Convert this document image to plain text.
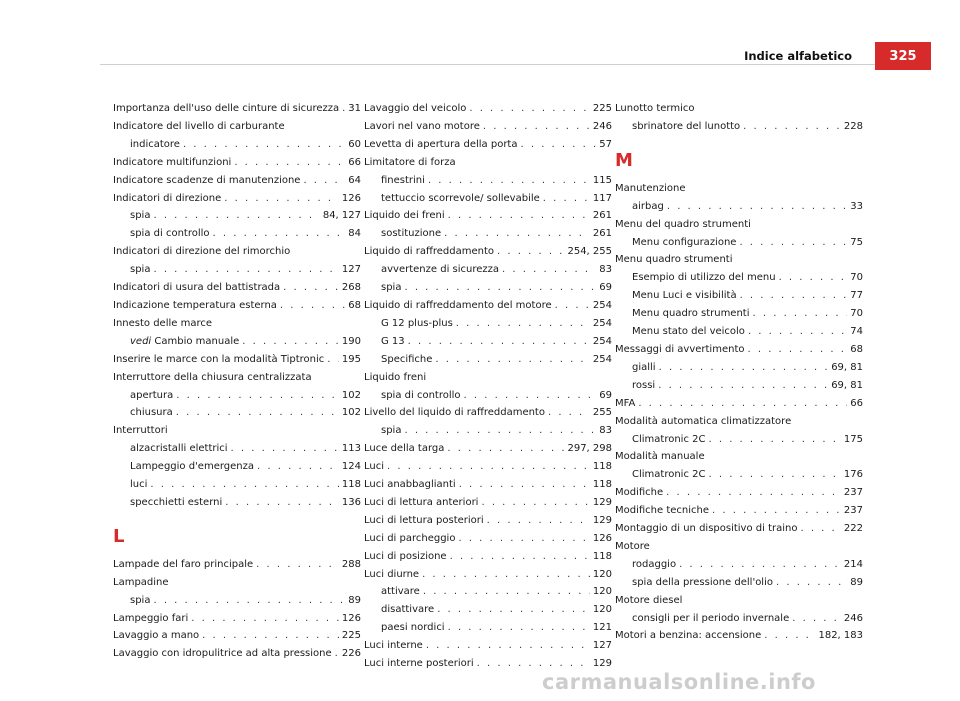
Indice alfabetico	325
Importanza dell'uso delle cinture di sicurezza . . . 31
Indicatore del livello di carburante
indicatore . . .	60
Indicatore multifunzioni . . .	66
Indicatore scadenze di manutenzione . . .	64
Indicatori di direzione . . .	126
spia . . .	84, 127
spia di controllo . . .	84
Indicatori di direzione del rimorchio
spia . . .	127
Indicatori di usura del battistrada . . .	268
Indicazione temperatura esterna . . .	68
Innesto delle marce
vedi Cambio manuale . . .	190
Inserire le marce con la modalità Tiptronic . . . 195
Interruttore della chiusura centralizzata
apertura . . .	102
chiusura . . .	102
Interruttori
alzacristalli elettrici . . .	113
Lampeggio d'emergenza . . .	124
luci . . .	118
specchietti esterni . . .	136
L
Lampade del faro principale . . .	288
Lampadine
spia . . .	89
Lampeggio fari . . .	126
Lavaggio a mano . . .	225
Lavaggio con idropulitrice ad alta pressione . . . 226
Lavaggio del veicolo . . .	225
Lavori nel vano motore . . .	246
Levetta di apertura della porta . . .	57
Limitatore di forza
finestrini . . .	115
tettuccio scorrevole/ sollevabile . . .	117
Liquido dei freni . . .	261
sostituzione . . .	261
Liquido di raffreddamento . . .	254, 255
avvertenze di sicurezza . . .	83
spia . . .	69
Liquido di raffreddamento del motore . . .	254
G 12 plus-plus . . .	254
G 13 . . .	254
Specifiche . . .	254
Liquido freni
spia di controllo . . .	69
Livello del liquido di raffreddamento . . .	255
spia . . .	83
Luce della targa . . .	297, 298
Luci . . .	118
Luci anabbaglianti . . .	118
Luci di lettura anteriori . . .	129
Luci di lettura posteriori . . .	129
Luci di parcheggio . . .	126
Luci di posizione . . .	118
Luci diurne . . .	120
attivare . . .	120
disattivare . . .	120
paesi nordici . . .	121
Luci interne . . .	127
Luci interne posteriori . . .	129
Lunotto termico
sbrinatore del lunotto . . .	228
M
Manutenzione
airbag . . .	33
Menu del quadro strumenti
Menu configurazione . . .	75
Menu quadro strumenti
Esempio di utilizzo del menu . . .	70
Menu Luci e visibilità . . .	77
Menu quadro strumenti . . .	70
Menu stato del veicolo . . .	74
Messaggi di avvertimento . . .	68
gialli . . .	69, 81
rossi . . .	69, 81
MFA . . .	66
Modalità automatica climatizzatore
Climatronic 2C . . .	175
Modalità manuale
Climatronic 2C . . .	176
Modifiche . . .	237
Modifiche tecniche . . .	237
Montaggio di un dispositivo di traino . . .	222
Motore
rodaggio . . .	214
spia della pressione dell'olio . . .	89
Motore diesel
consigli per il periodo invernale . . .	246
Motori a benzina: accensione . . .	182, 183
carmanualsonline.info
